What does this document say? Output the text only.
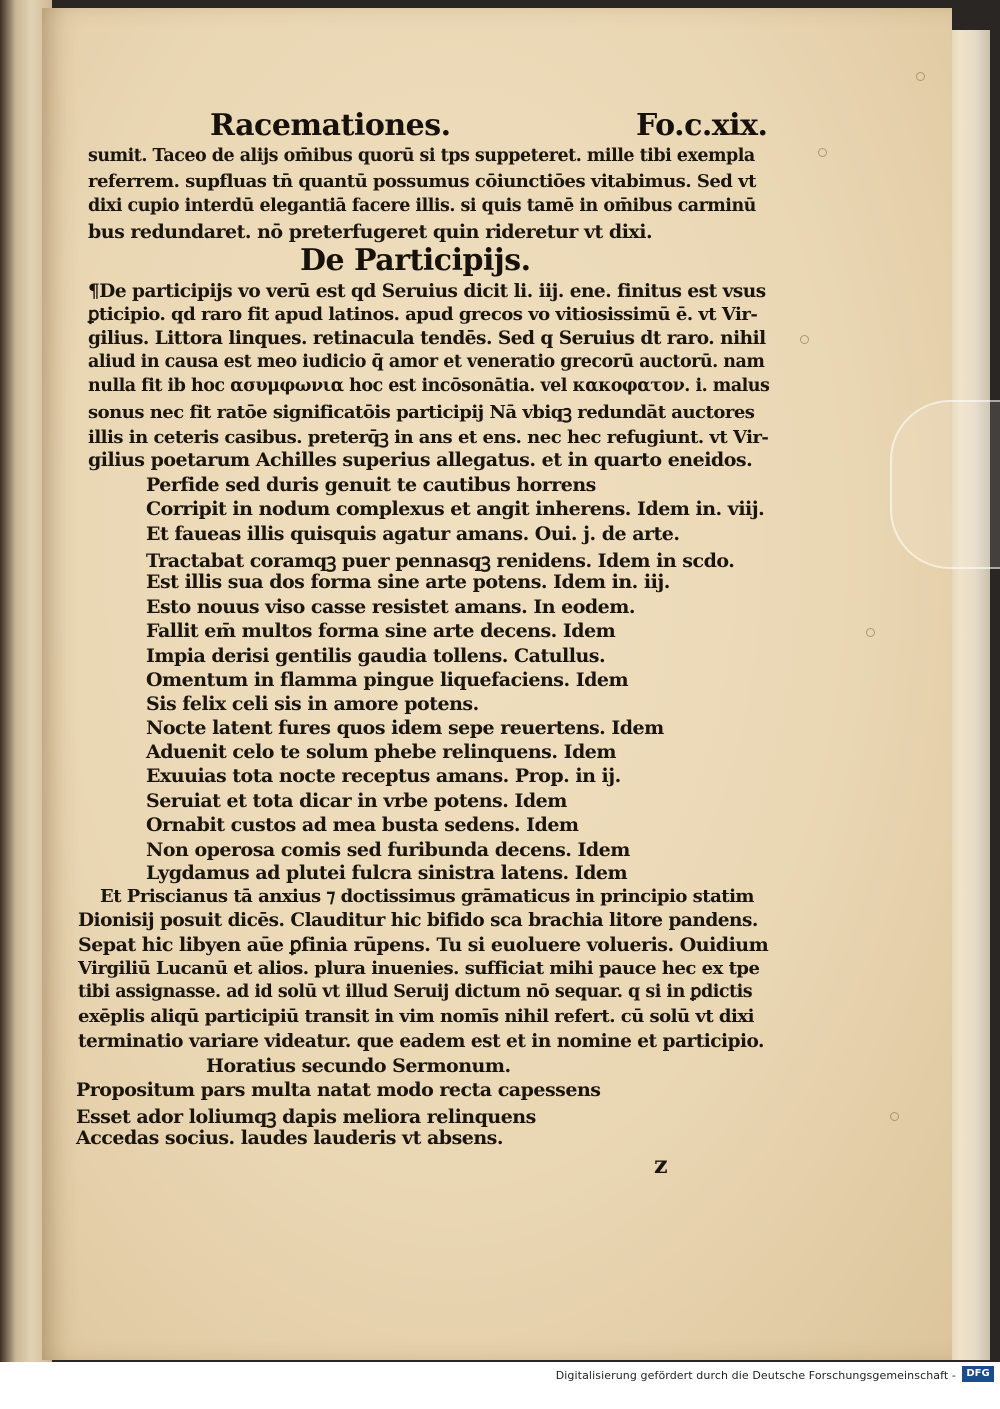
Racemationes.	Fo.c.xix.
De Participijs.
sumit. Taceo de alijs om̄ibus quorū si tps suppeteret. mille tibi exempla
referrem. supfluas tn̄ quantū possumus cōiunctiōes vitabimus. Sed vt
dixi cupio interdū elegantiā facere illis. si quis tamē in om̄ibus carminū
bus redundaret. nō preterfugeret quin rideretur vt dixi.
¶De participijs vo verū est qd Seruius dicit li. iij. ene. finitus est vsus
ꝑticipio. qd raro fit apud latinos. apud grecos vo vitiosissimū ē. vt Vir-
gilius. Littora linques. retinacula tendēs. Sed q Seruius dt raro. nihil
aliud in causa est meo iudicio q̄ amor et veneratio grecorū auctorū. nam
nulla fit ib hoc ασυμφωνια hoc est incōsonātia. vel κακοφατον. i. malus
sonus nec fit ratōe significatōis participij Nā vbiqꝫ redundāt auctores
illis in ceteris casibus. preterq̄ꝫ in ans et ens. nec hec refugiunt. vt Vir-
gilius poetarum Achilles superius allegatus. et in quarto eneidos.
Perfide sed duris genuit te cautibus horrens
Corripit in nodum complexus et angit inherens. Idem in. viij.
Et faueas illis quisquis agatur amans. Oui. j. de arte.
Tractabat coramqꝫ puer pennasqꝫ renidens. Idem in scdo.
Est illis sua dos forma sine arte potens. Idem in. iij.
Esto nouus viso casse resistet amans. In eodem.
Fallit em̄ multos forma sine arte decens. Idem
Impia derisi gentilis gaudia tollens. Catullus.
Omentum in flamma pingue liquefaciens. Idem
Sis felix celi sis in amore potens.
Nocte latent fures quos idem sepe reuertens. Idem
Aduenit celo te solum phebe relinquens. Idem
Exuuias tota nocte receptus amans. Prop. in ij.
Seruiat et tota dicar in vrbe potens. Idem
Ornabit custos ad mea busta sedens. Idem
Non operosa comis sed furibunda decens. Idem
Lygdamus ad plutei fulcra sinistra latens. Idem
Et Priscianus tā anxius ⁊ doctissimus grāmaticus in principio statim
Dionisij posuit dicēs. Clauditur hic bifido sca brachia litore pandens.
Sepat hic libyen aūe ꝑfinia rūpens. Tu si euoluere volueris. Ouidium
Virgiliū Lucanū et alios. plura inuenies. sufficiat mihi pauce hec ex tpe
tibi assignasse. ad id solū vt illud Seruij dictum nō sequar. q si in ꝑdictis
exēplis aliqū participiū transit in vim nomīs nihil refert. cū solū vt dixi
terminatio variare videatur. que eadem est et in nomine et participio.
Horatius secundo Sermonum.
Propositum pars multa natat modo recta capessens
Esset ador loliumqꝫ dapis meliora relinquens
Accedas socius. laudes lauderis vt absens.
z
Digitalisierung gefördert durch die Deutsche Forschungsgemeinschaft -	DFG
